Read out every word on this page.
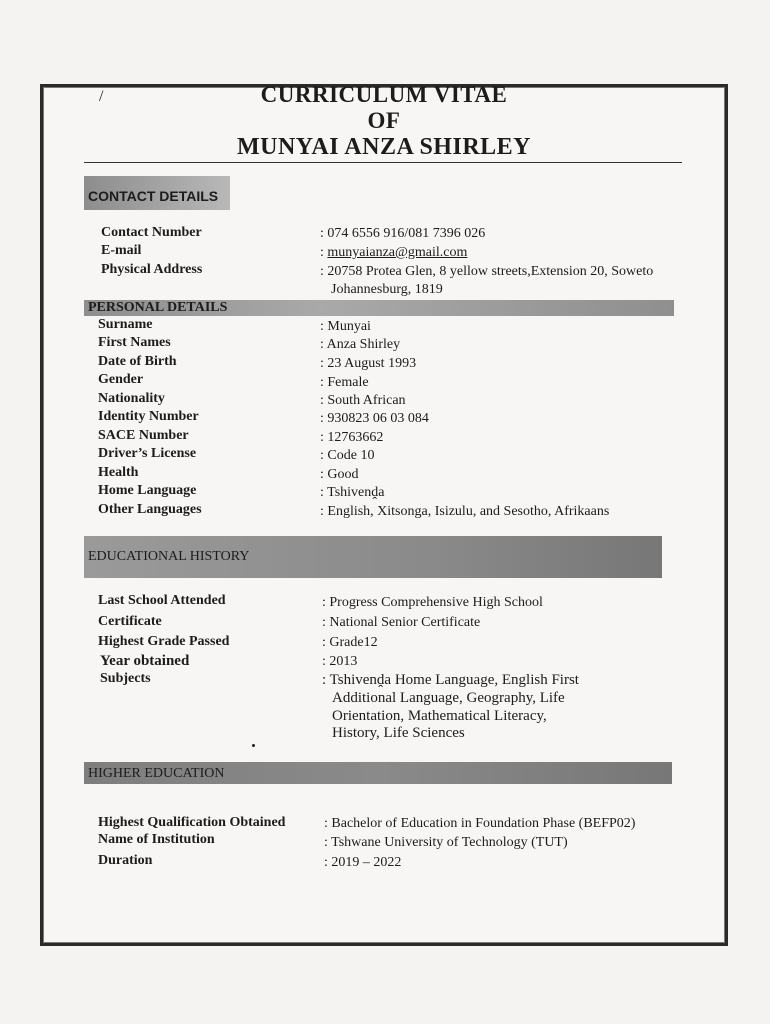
/	CURRICULUM VITAE
OF
MUNYAI ANZA SHIRLEY
CONTACT DETAILS
Contact Number	: 074 6556 916/081 7396 026
E-mail	: munyaianza@gmail.com
Physical Address	: 20758 Protea Glen, 8 yellow streets,Extension 20, Soweto
Johannesburg, 1819
PERSONAL DETAILS
Surname	: Munyai
First Names	: Anza Shirley
Date of Birth	: 23 August 1993
Gender	: Female
Nationality	: South African
Identity Number	: 930823 06 03 084
SACE Number	: 12763662
Driver’s License	: Code 10
Health	: Good
Home Language	: Tshivenḓa
Other Languages	: English, Xitsonga, Isizulu, and Sesotho, Afrikaans
EDUCATIONAL HISTORY
Last School Attended	: Progress Comprehensive High School
Certificate	: National Senior Certificate
Highest Grade Passed	: Grade12
Year obtained	: 2013
Subjects	: Tshivenḓa Home Language, English First
Additional Language, Geography, Life
Orientation, Mathematical Literacy,
History, Life Sciences
HIGHER EDUCATION
Highest Qualification Obtained	: Bachelor of Education in Foundation Phase (BEFP02)
Name of Institution	: Tshwane University of Technology (TUT)
Duration	: 2019 – 2022
